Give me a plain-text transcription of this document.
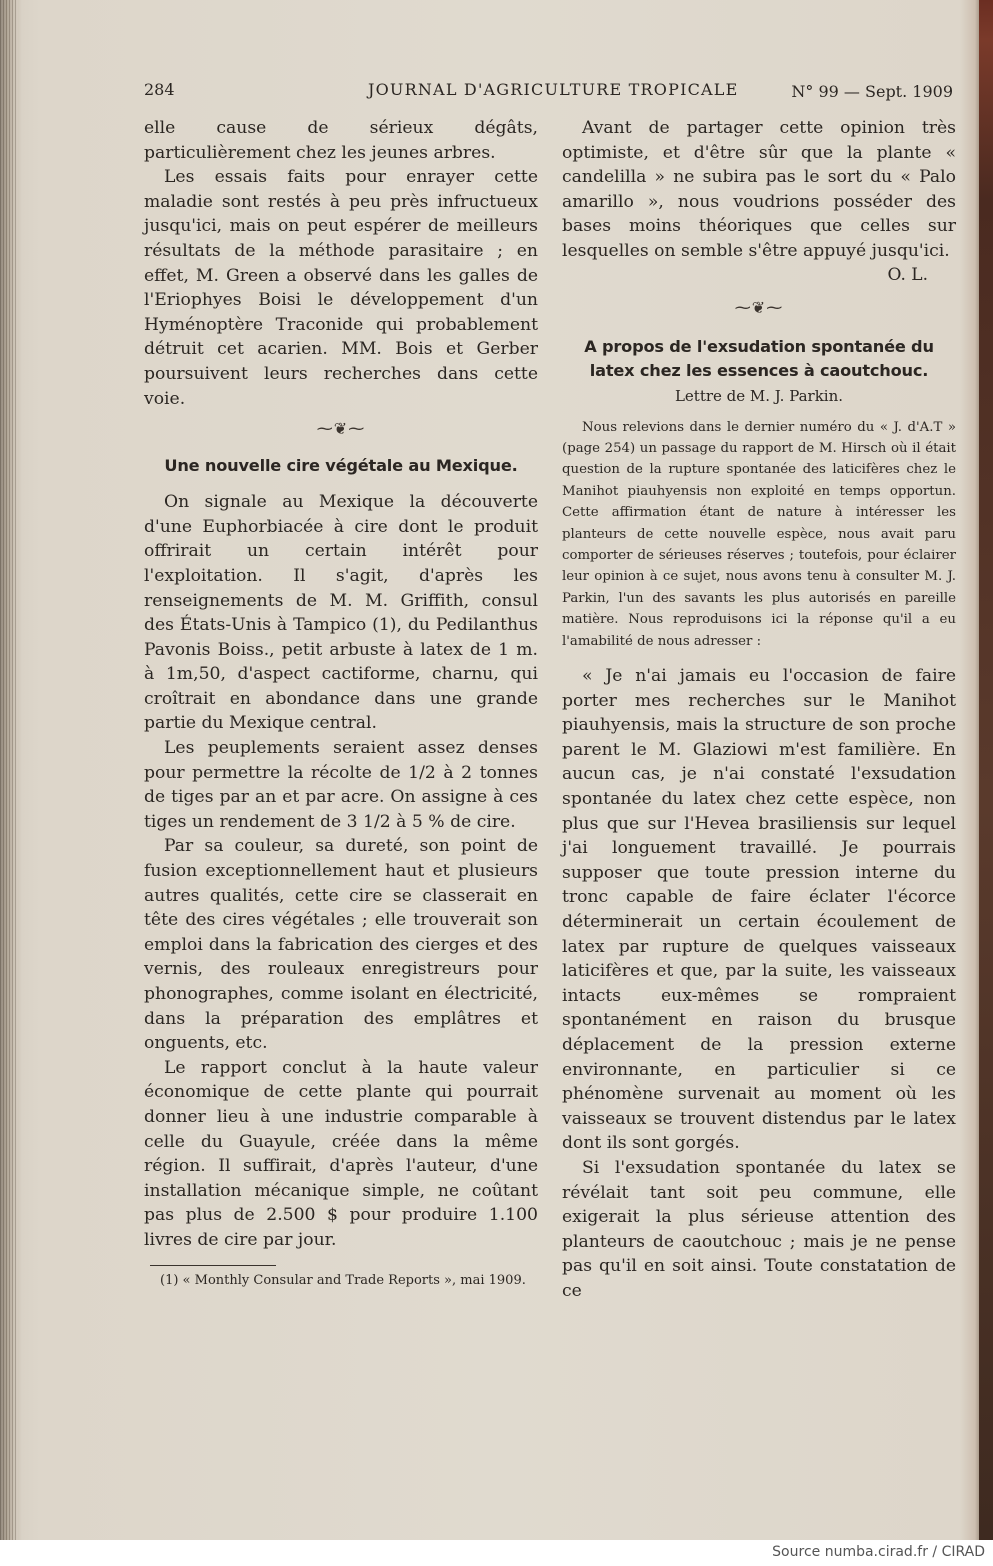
284	JOURNAL D'AGRICULTURE TROPICALE	N° 99 — Sept. 1909

elle cause de sérieux dégâts, particulièrement chez les jeunes arbres.

Les essais faits pour enrayer cette maladie sont restés à peu près infructueux jusqu'ici, mais on peut espérer de meilleurs résultats de la méthode parasitaire ; en effet, M. Green a observé dans les galles de l'Eriophyes Boisi le développement d'un Hyménoptère Traconide qui probablement détruit cet acarien. MM. Bois et Gerber poursuivent leurs recherches dans cette voie.

⁓❦⁓
Une nouvelle cire végétale au Mexique.

On signale au Mexique la découverte d'une Euphorbiacée à cire dont le produit offrirait un certain intérêt pour l'exploitation. Il s'agit, d'après les renseignements de M. M. Griffith, consul des États-Unis à Tampico (1), du Pedilanthus Pavonis Boiss., petit arbuste à latex de 1 m. à 1m,50, d'aspect cactiforme, charnu, qui croîtrait en abondance dans une grande partie du Mexique central.

Les peuplements seraient assez denses pour permettre la récolte de 1/2 à 2 tonnes de tiges par an et par acre. On assigne à ces tiges un rendement de 3 1/2 à 5 % de cire.

Par sa couleur, sa dureté, son point de fusion exceptionnellement haut et plusieurs autres qualités, cette cire se classerait en tête des cires végétales ; elle trouverait son emploi dans la fabrication des cierges et des vernis, des rouleaux enregistreurs pour phonographes, comme isolant en électricité, dans la préparation des emplâtres et onguents, etc.

Le rapport conclut à la haute valeur économique de cette plante qui pourrait donner lieu à une industrie comparable à celle du Guayule, créée dans la même région. Il suffirait, d'après l'auteur, d'une installation mécanique simple, ne coûtant pas plus de 2.500 $ pour produire 1.100 livres de cire par jour.

(1) « Monthly Consular and Trade Reports », mai 1909.

Avant de partager cette opinion très optimiste, et d'être sûr que la plante « candelilla » ne subira pas le sort du « Palo amarillo », nous voudrions posséder des bases moins théoriques que celles sur lesquelles on semble s'être appuyé jusqu'ici.

O. L.
⁓❦⁓
A propos de l'exsudation spontanée du latex chez les essences à caoutchouc.
Lettre de M. J. Parkin.

Nous relevions dans le dernier numéro du « J. d'A.T » (page 254) un passage du rapport de M. Hirsch où il était question de la rupture spontanée des laticifères chez le Manihot piauhyensis non exploité en temps opportun. Cette affirmation étant de nature à intéresser les planteurs de cette nouvelle espèce, nous avait paru comporter de sérieuses réserves ; toutefois, pour éclairer leur opinion à ce sujet, nous avons tenu à consulter M. J. Parkin, l'un des savants les plus autorisés en pareille matière. Nous reproduisons ici la réponse qu'il a eu l'amabilité de nous adresser :

« Je n'ai jamais eu l'occasion de faire porter mes recherches sur le Manihot piauhyensis, mais la structure de son proche parent le M. Glaziowi m'est familière. En aucun cas, je n'ai constaté l'exsudation spontanée du latex chez cette espèce, non plus que sur l'Hevea brasiliensis sur lequel j'ai longuement travaillé. Je pourrais supposer que toute pression interne du tronc capable de faire éclater l'écorce déterminerait un certain écoulement de latex par rupture de quelques vaisseaux laticifères et que, par la suite, les vaisseaux intacts eux-mêmes se rompraient spontanément en raison du brusque déplacement de la pression externe environnante, en particulier si ce phénomène survenait au moment où les vaisseaux se trouvent distendus par le latex dont ils sont gorgés.

Si l'exsudation spontanée du latex se révélait tant soit peu commune, elle exigerait la plus sérieuse attention des planteurs de caoutchouc ; mais je ne pense pas qu'il en soit ainsi. Toute constatation de ce

Source numba.cirad.fr / CIRAD
